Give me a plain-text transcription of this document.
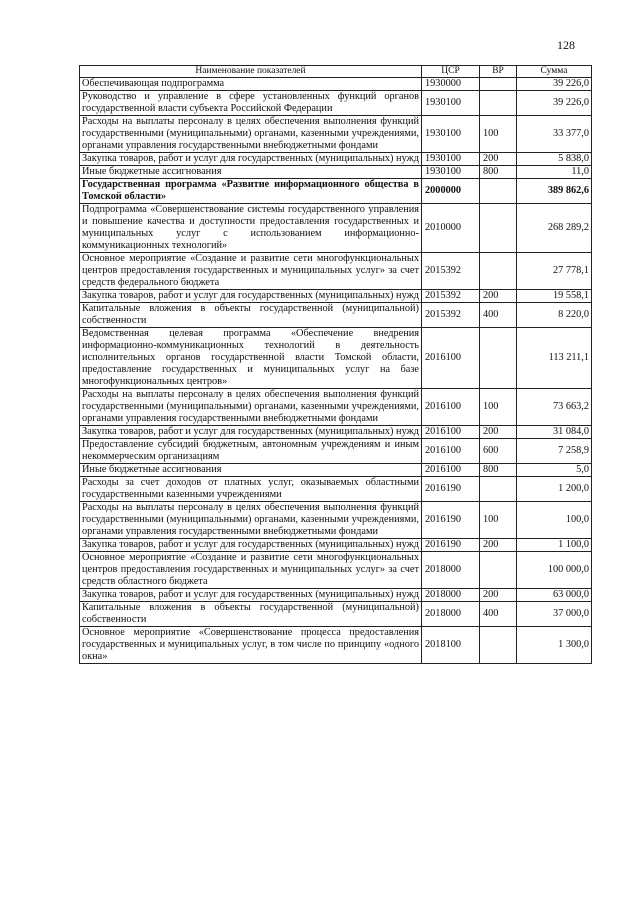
128
Наименование показателей	ЦСР	ВР	Сумма
Обеспечивающая подпрограмма	1930000		39 226,0
Руководство и управление в сфере установленных функций органов государственной власти субъекта Российской Федерации	1930100		39 226,0
Расходы на выплаты персоналу в целях обеспечения выполнения функций государственными (муниципальными) органами, казенными учреждениями, органами управления государственными внебюджетными фондами	1930100	100	33 377,0
Закупка товаров, работ и услуг для государственных (муниципальных) нужд	1930100	200	5 838,0
Иные бюджетные ассигнования	1930100	800	11,0
Государственная программа «Развитие информационного общества в Томской области»	2000000		389 862,6
Подпрограмма «Совершенствование системы государственного управления и повышение качества и доступности предоставления государственных и муниципальных услуг с использованием информационно-коммуникационных технологий»	2010000		268 289,2
Основное мероприятие «Создание и развитие сети многофункциональных центров предоставления государственных и муниципальных услуг» за счет средств федерального бюджета	2015392		27 778,1
Закупка товаров, работ и услуг для государственных (муниципальных) нужд	2015392	200	19 558,1
Капитальные вложения в объекты государственной (муниципальной) собственности	2015392	400	8 220,0
Ведомственная целевая программа «Обеспечение внедрения информационно-коммуникационных технологий в деятельность исполнительных органов государственной власти Томской области, предоставление государственных и муниципальных услуг на базе многофункциональных центров»	2016100		113 211,1
Расходы на выплаты персоналу в целях обеспечения выполнения функций государственными (муниципальными) органами, казенными учреждениями, органами управления государственными внебюджетными фондами	2016100	100	73 663,2
Закупка товаров, работ и услуг для государственных (муниципальных) нужд	2016100	200	31 084,0
Предоставление субсидий бюджетным, автономным учреждениям и иным некоммерческим организациям	2016100	600	7 258,9
Иные бюджетные ассигнования	2016100	800	5,0
Расходы за счет доходов от платных услуг, оказываемых областными государственными казенными учреждениями	2016190		1 200,0
Расходы на выплаты персоналу в целях обеспечения выполнения функций государственными (муниципальными) органами, казенными учреждениями, органами управления государственными внебюджетными фондами	2016190	100	100,0
Закупка товаров, работ и услуг для государственных (муниципальных) нужд	2016190	200	1 100,0
Основное мероприятие «Создание и развитие сети многофункциональных центров предоставления государственных и муниципальных услуг» за счет средств областного бюджета	2018000		100 000,0
Закупка товаров, работ и услуг для государственных (муниципальных) нужд	2018000	200	63 000,0
Капитальные вложения в объекты государственной (муниципальной) собственности	2018000	400	37 000,0
Основное мероприятие «Совершенствование процесса предоставления государственных и муниципальных услуг, в том числе по принципу «одного окна»	2018100		1 300,0
